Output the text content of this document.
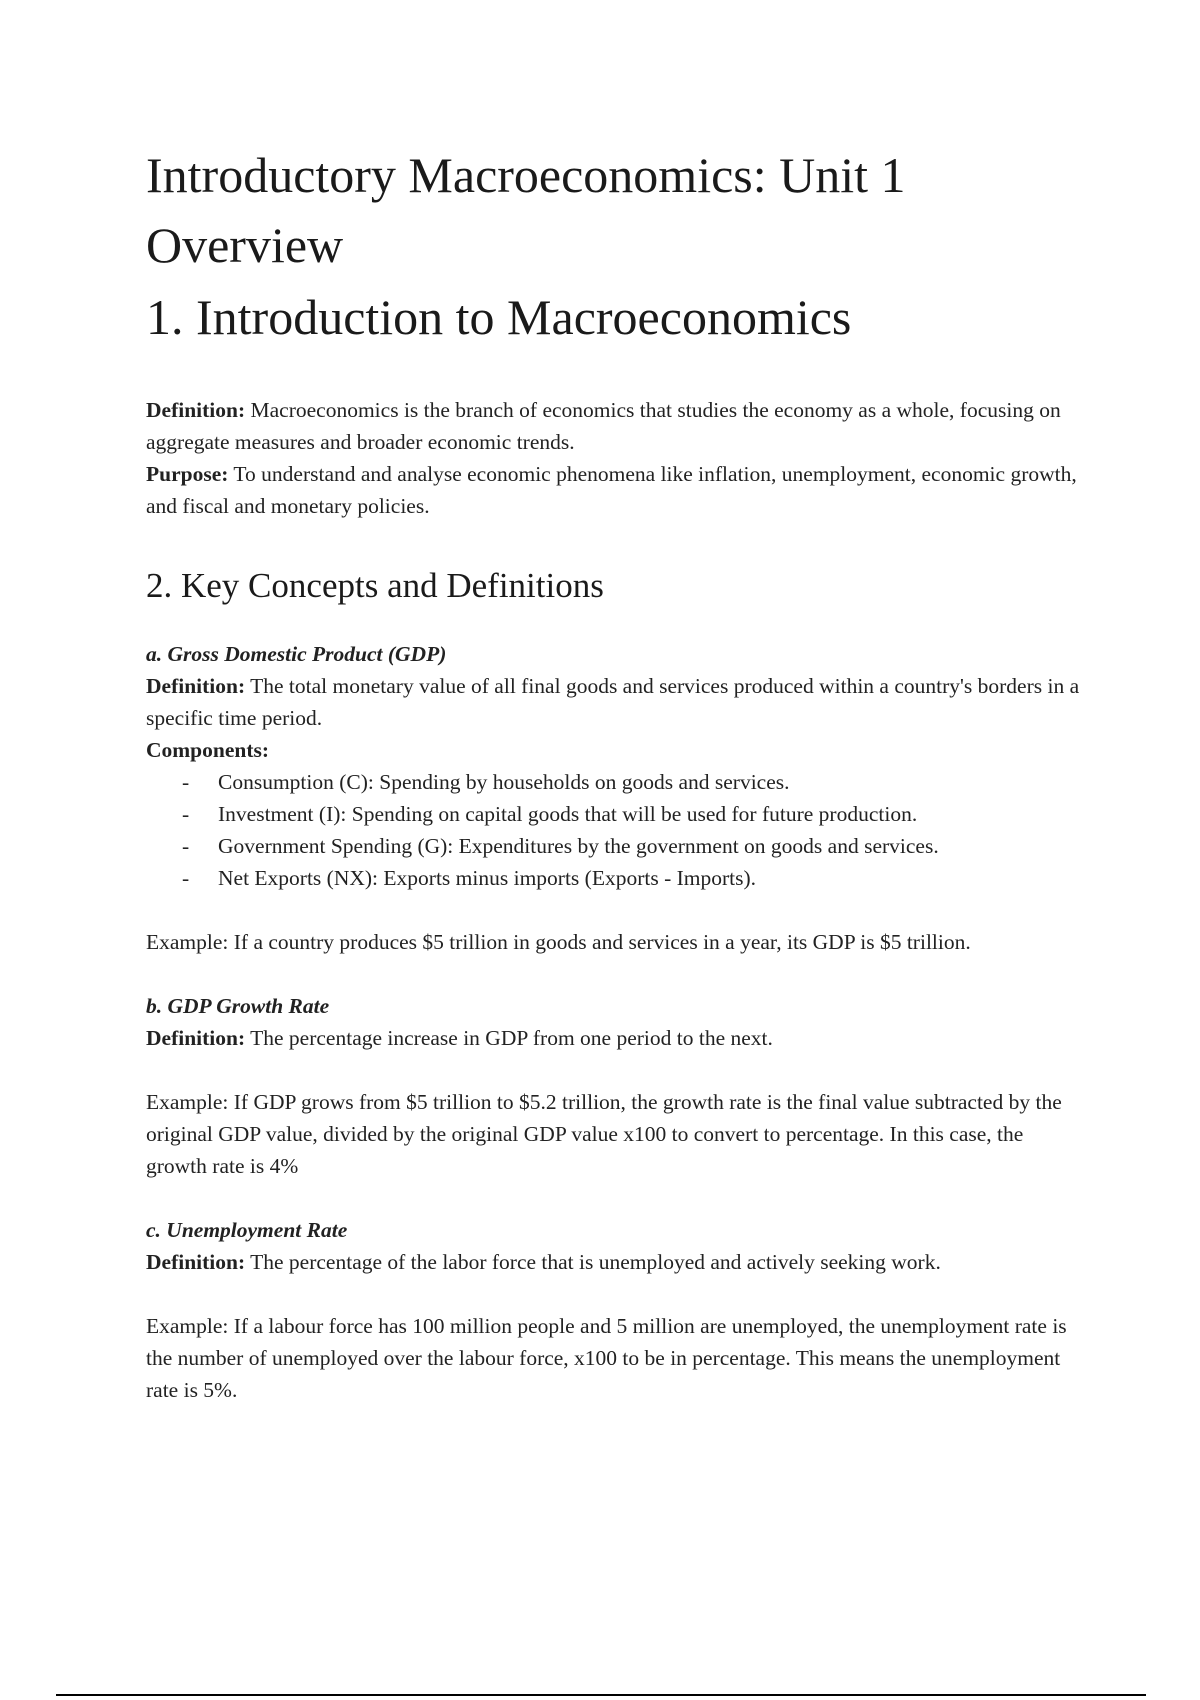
Introductory Macroeconomics: Unit 1 Overview
1. Introduction to Macroeconomics

Definition: Macroeconomics is the branch of economics that studies the economy as a whole, focusing on aggregate measures and broader economic trends.

Purpose: To understand and analyse economic phenomena like inflation, unemployment, economic growth, and fiscal and monetary policies.

2. Key Concepts and Definitions

a. Gross Domestic Product (GDP)

Definition: The total monetary value of all final goods and services produced within a country's borders in a specific time period.

Components:

- Consumption (C): Spending by households on goods and services.
- Investment (I): Spending on capital goods that will be used for future production.
- Government Spending (G): Expenditures by the government on goods and services.
- Net Exports (NX): Exports minus imports (Exports - Imports).

Example: If a country produces $5 trillion in goods and services in a year, its GDP is $5 trillion.

b. GDP Growth Rate

Definition: The percentage increase in GDP from one period to the next.

Example: If GDP grows from $5 trillion to $5.2 trillion, the growth rate is the final value subtracted by the original GDP value, divided by the original GDP value x100 to convert to percentage. In this case, the growth rate is 4%

c. Unemployment Rate

Definition: The percentage of the labor force that is unemployed and actively seeking work.

Example: If a labour force has 100 million people and 5 million are unemployed, the unemployment rate is the number of unemployed over the labour force, x100 to be in percentage. This means the unemployment rate is 5%.
